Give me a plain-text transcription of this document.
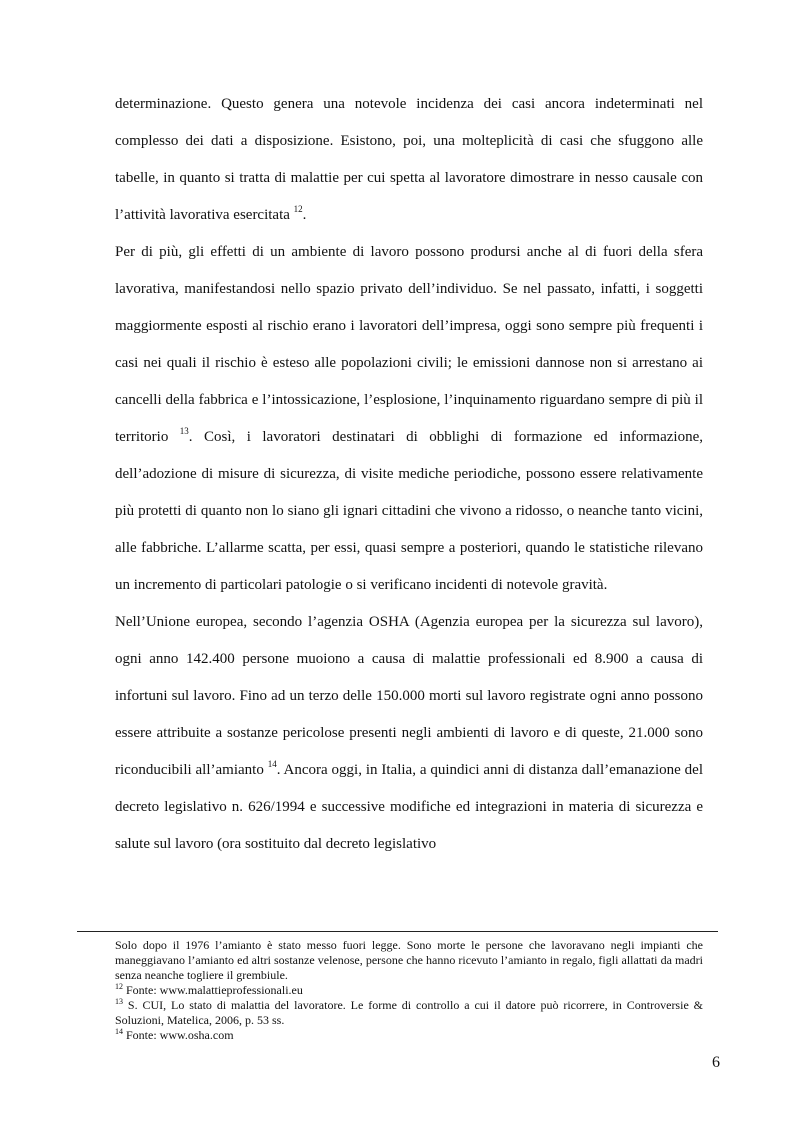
determinazione. Questo genera una notevole incidenza dei casi ancora indeterminati nel complesso dei dati a disposizione. Esistono, poi, una molteplicità di casi che sfuggono alle tabelle, in quanto si tratta di malattie per cui spetta al lavoratore dimostrare in nesso causale con l’attività lavorativa esercitata $^{12}$.

Per di più, gli effetti di un ambiente di lavoro possono prodursi anche al di fuori della sfera lavorativa, manifestandosi nello spazio privato dell’individuo. Se nel passato, infatti, i soggetti maggiormente esposti al rischio erano i lavoratori dell’impresa, oggi sono sempre più frequenti i casi nei quali il rischio è esteso alle popolazioni civili; le emissioni dannose non si arrestano ai cancelli della fabbrica e l’intossicazione, l’esplosione, l’inquinamento riguardano sempre di più il territorio $^{13}$. Così, i lavoratori destinatari di obblighi di formazione ed informazione, dell’adozione di misure di sicurezza, di visite mediche periodiche, possono essere relativamente più protetti di quanto non lo siano gli ignari cittadini che vivono a ridosso, o neanche tanto vicini, alle fabbriche. L’allarme scatta, per essi, quasi sempre a posteriori, quando le statistiche rilevano un incremento di particolari patologie o si verificano incidenti di notevole gravità.

Nell’Unione europea, secondo l’agenzia OSHA (Agenzia europea per la sicurezza sul lavoro), ogni anno 142.400 persone muoiono a causa di malattie professionali ed 8.900 a causa di infortuni sul lavoro. Fino ad un terzo delle 150.000 morti sul lavoro registrate ogni anno possono essere attribuite a sostanze pericolose presenti negli ambienti di lavoro e di queste, 21.000 sono riconducibili all’amianto $^{14}$. Ancora oggi, in Italia, a quindici anni di distanza dall’emanazione del decreto legislativo n. 626/1994 e successive modifiche ed integrazioni in materia di sicurezza e salute sul lavoro (ora sostituito dal decreto legislativo

Solo dopo il 1976 l’amianto è stato messo fuori legge. Sono morte le persone che lavoravano negli impianti che maneggiavano l’amianto ed altri sostanze velenose, persone che hanno ricevuto l’amianto in regalo, figli allattati da madri senza neanche togliere il grembiule.

$^{12}$ Fonte: www.malattieprofessionali.eu

$^{13}$ S. CUI, Lo stato di malattia del lavoratore. Le forme di controllo a cui il datore può ricorrere, in Controversie & Soluzioni, Matelica, 2006, p. 53 ss.

$^{14}$ Fonte: www.osha.com

6
